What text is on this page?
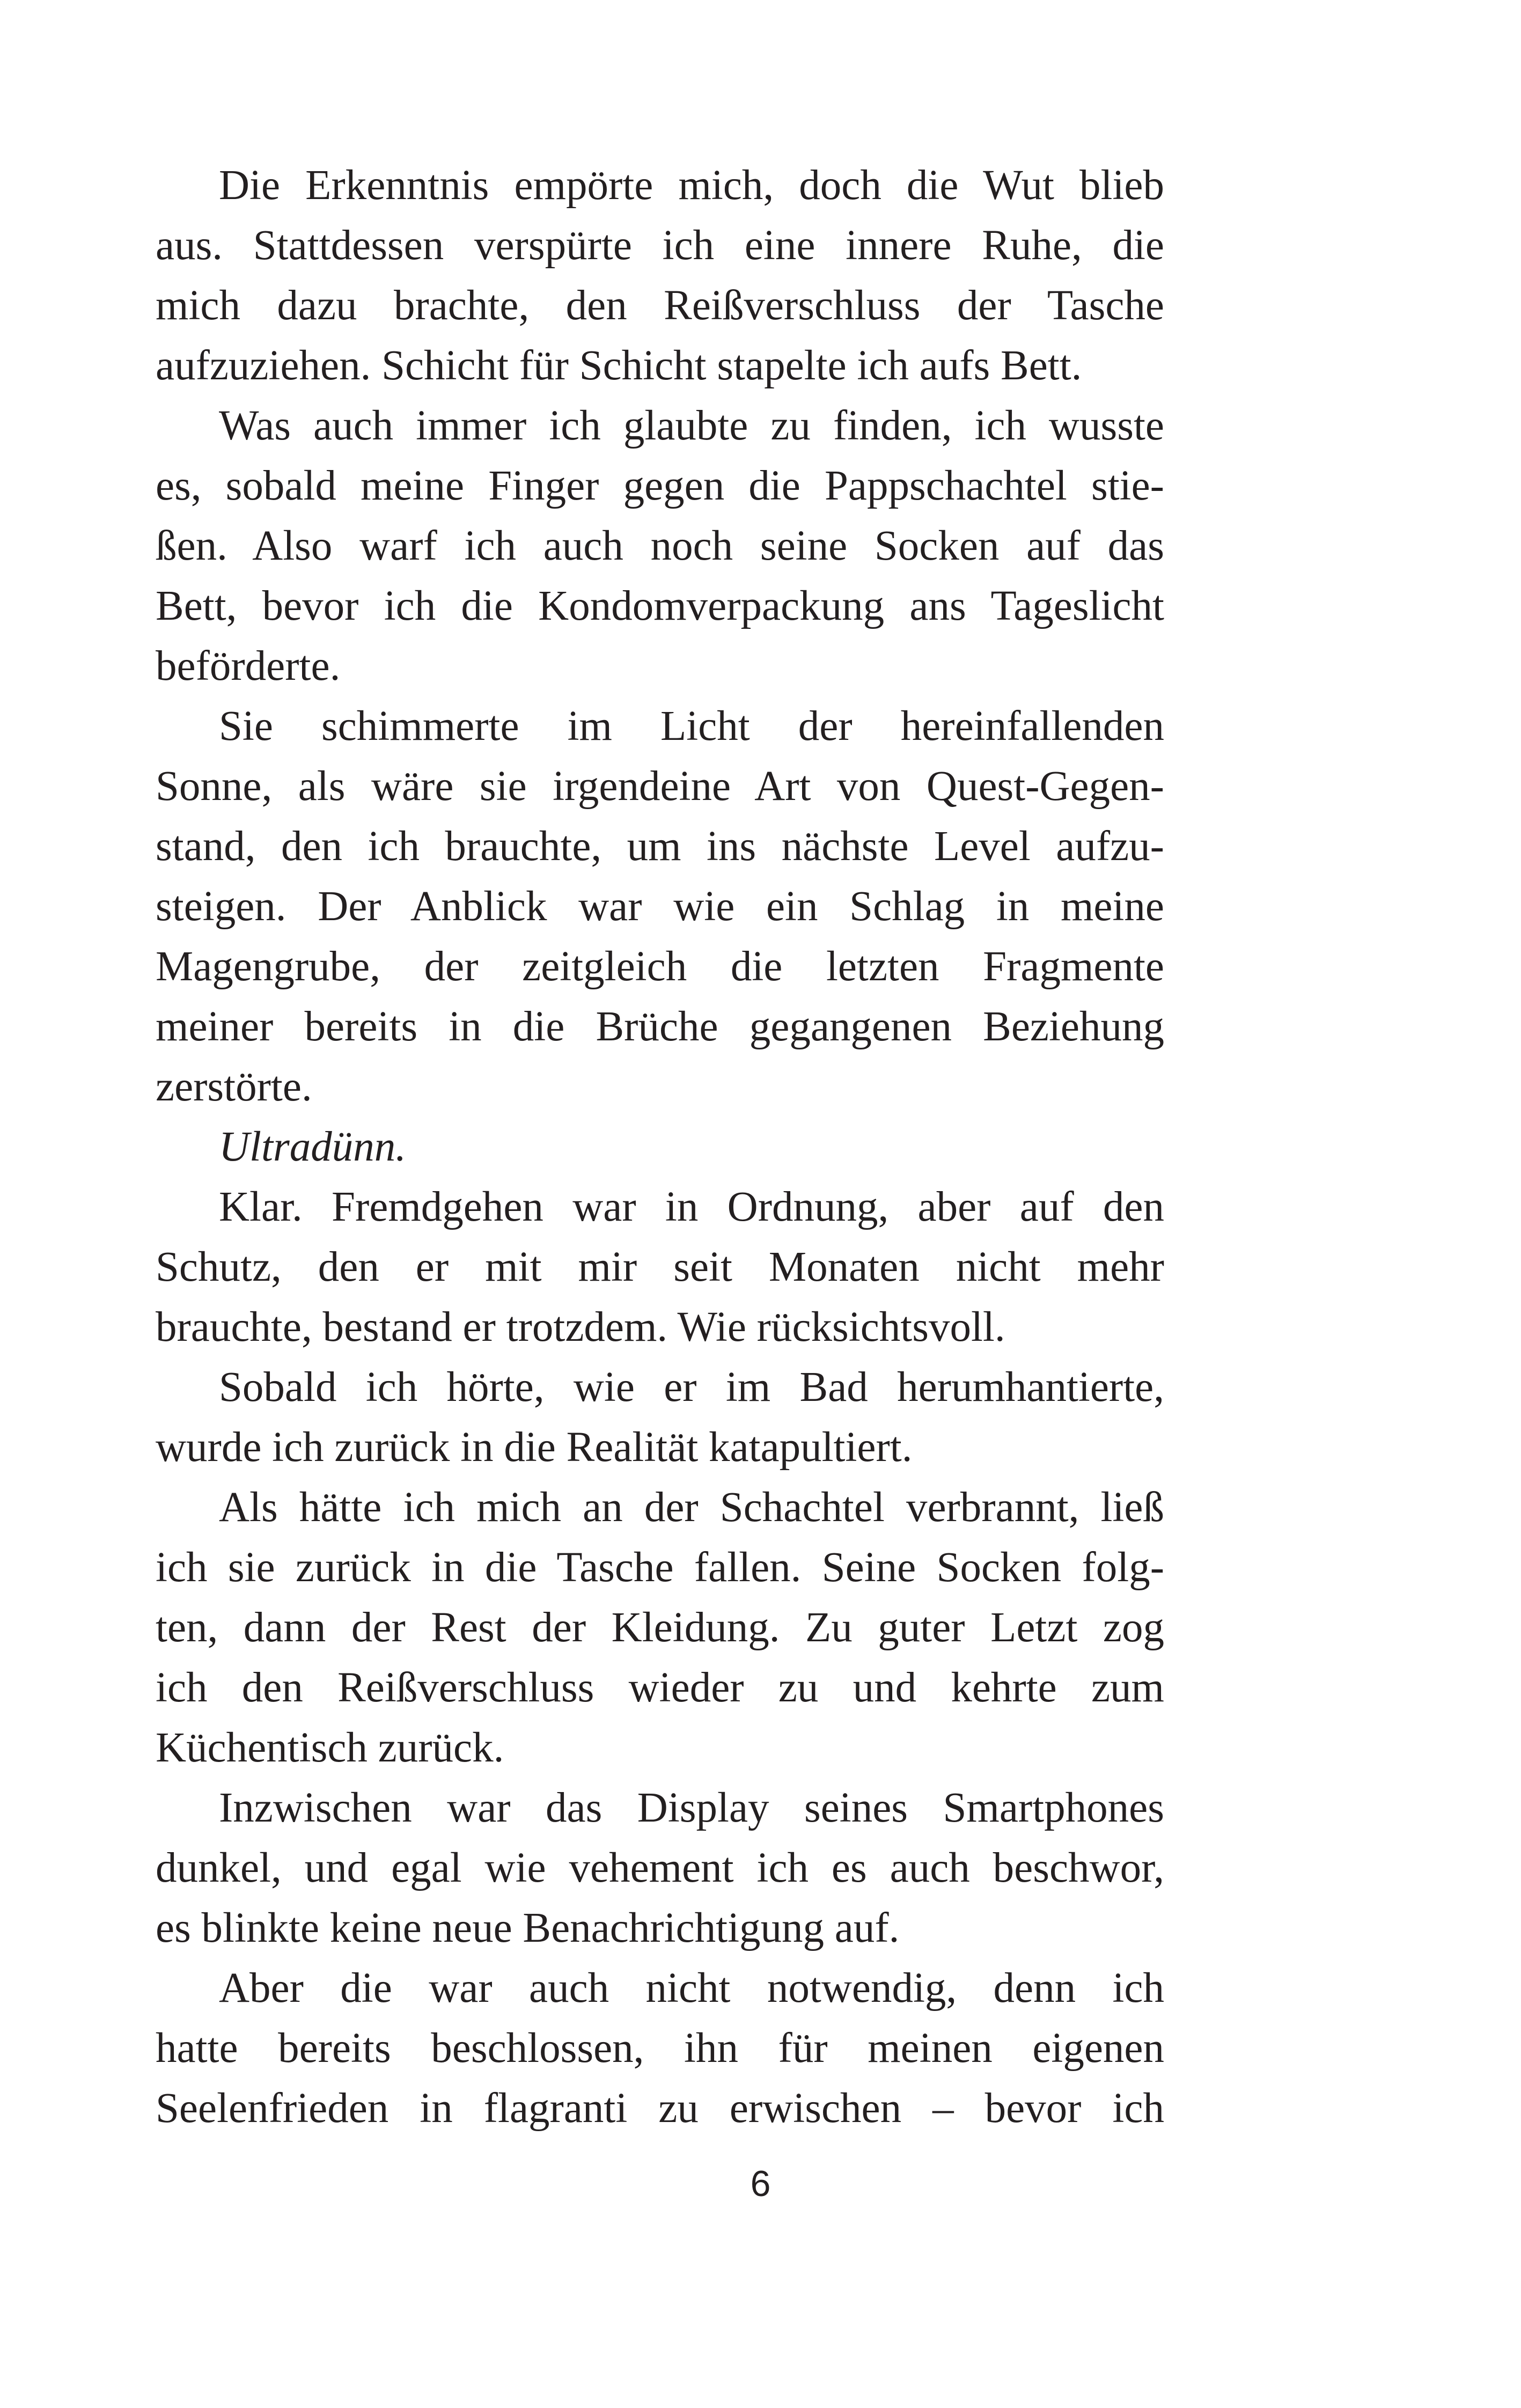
Die Erkenntnis empörte mich, doch die Wut blieb
aus. Stattdessen verspürte ich eine innere Ruhe, die
mich dazu brachte, den Reißverschluss der Tasche
aufzuziehen. Schicht für Schicht stapelte ich aufs Bett.
Was auch immer ich glaubte zu finden, ich wusste
es, sobald meine Finger gegen die Pappschachtel stie-
ßen. Also warf ich auch noch seine Socken auf das
Bett, bevor ich die Kondomverpackung ans Tageslicht
beförderte.
Sie schimmerte im Licht der hereinfallenden
Sonne, als wäre sie irgendeine Art von Quest-Gegen-
stand, den ich brauchte, um ins nächste Level aufzu-
steigen. Der Anblick war wie ein Schlag in meine
Magengrube, der zeitgleich die letzten Fragmente
meiner bereits in die Brüche gegangenen Beziehung
zerstörte.
Ultradünn.
Klar. Fremdgehen war in Ordnung, aber auf den
Schutz, den er mit mir seit Monaten nicht mehr
brauchte, bestand er trotzdem. Wie rücksichtsvoll.
Sobald ich hörte, wie er im Bad herumhantierte,
wurde ich zurück in die Realität katapultiert.
Als hätte ich mich an der Schachtel verbrannt, ließ
ich sie zurück in die Tasche fallen. Seine Socken folg-
ten, dann der Rest der Kleidung. Zu guter Letzt zog
ich den Reißverschluss wieder zu und kehrte zum
Küchentisch zurück.
Inzwischen war das Display seines Smartphones
dunkel, und egal wie vehement ich es auch beschwor,
es blinkte keine neue Benachrichtigung auf.
Aber die war auch nicht notwendig, denn ich
hatte bereits beschlossen, ihn für meinen eigenen
Seelenfrieden in flagranti zu erwischen – bevor ich
6
